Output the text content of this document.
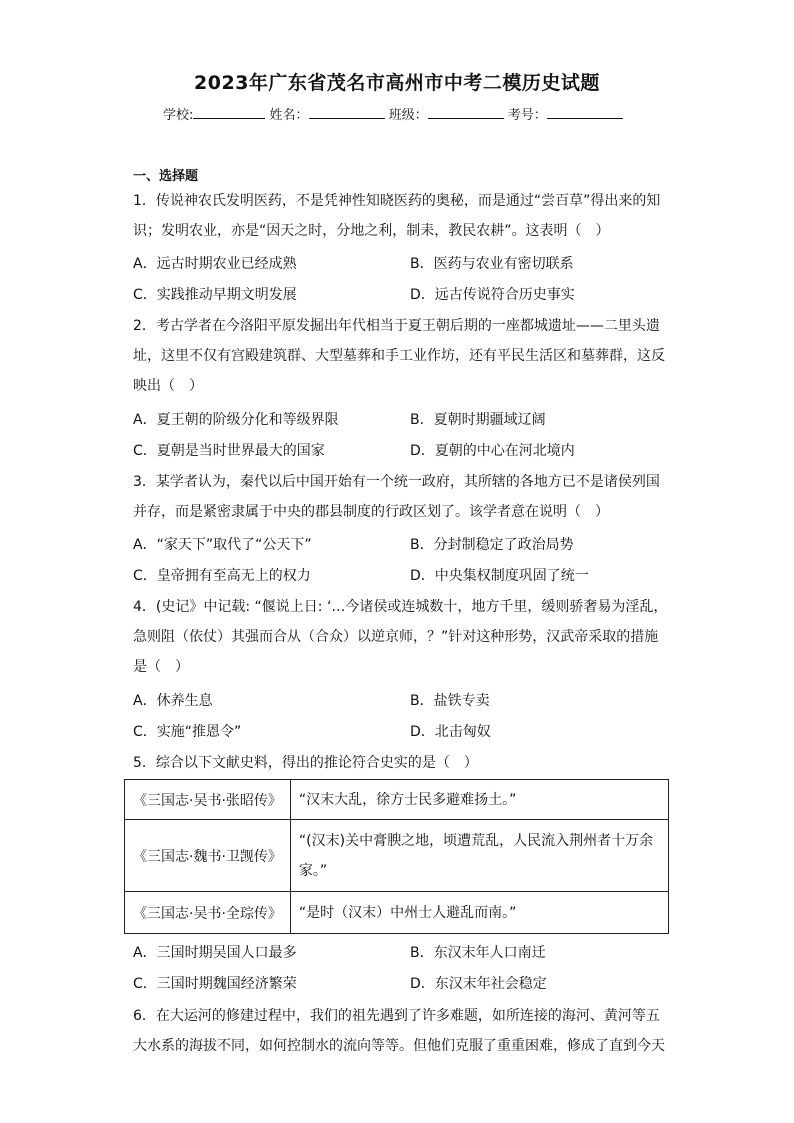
2023年广东省茂名市高州市中考二模历史试题
学校:	姓名：	班级：	考号：
一、选择题
1．传说神农氏发明医药，不是凭神性知晓医药的奥秘，而是通过“尝百草”得出来的知
识；发明农业，亦是“因天之时，分地之利，制耒，教民农耕”。这表明（　）
A．远古时期农业已经成熟	B．医药与农业有密切联系
C．实践推动早期文明发展	D．远古传说符合历史事实
2．考古学者在今洛阳平原发掘出年代相当于夏王朝后期的一座都城遗址——二里头遗
址，这里不仅有宫殿建筑群、大型墓葬和手工业作坊，还有平民生活区和墓葬群，这反
映出（　）
A．夏王朝的阶级分化和等级界限	B．夏朝时期疆域辽阔
C．夏朝是当时世界最大的国家	D．夏朝的中心在河北境内
3．某学者认为，秦代以后中国开始有一个统一政府，其所辖的各地方已不是诸侯列国
并存，而是紧密隶属于中央的郡县制度的行政区划了。该学者意在说明（　）
A．“家天下”取代了“公天下”	B．分封制稳定了政治局势
C．皇帝拥有至高无上的权力	D．中央集权制度巩固了统一
4．(史记》中记载: “偃说上日: ‘…今诸侯或连城数十，地方千里，缓则骄奢易为淫乱，
急则阻（依仗）其强而合从（合众）以逆京师，？”针对这种形势，汉武帝采取的措施
是（　）
A．休养生息	B．盐铁专卖
C．实施“推恩令”	D．北击匈奴
5．综合以下文献史料，得出的推论符合史实的是（　）
《三国志·吴书·张昭传》	“汉末大乱，徐方士民多避难扬土。”

《三国志·魏书·卫觊传》	“(汉末)关中膏腴之地，顷遭荒乱，人民流入荆州者十万余
家。”

《三国志·吴书·全琮传》	“是时（汉末）中州士人避乱而南。”
A．三国时期吴国人口最多	B．东汉末年人口南迁
C．三国时期魏国经济繁荣	D．东汉末年社会稳定
6．在大运河的修建过程中，我们的祖先遇到了许多难题，如所连接的海河、黄河等五
大水系的海拔不同，如何控制水的流向等等。但他们克服了重重困难，修成了直到今天
